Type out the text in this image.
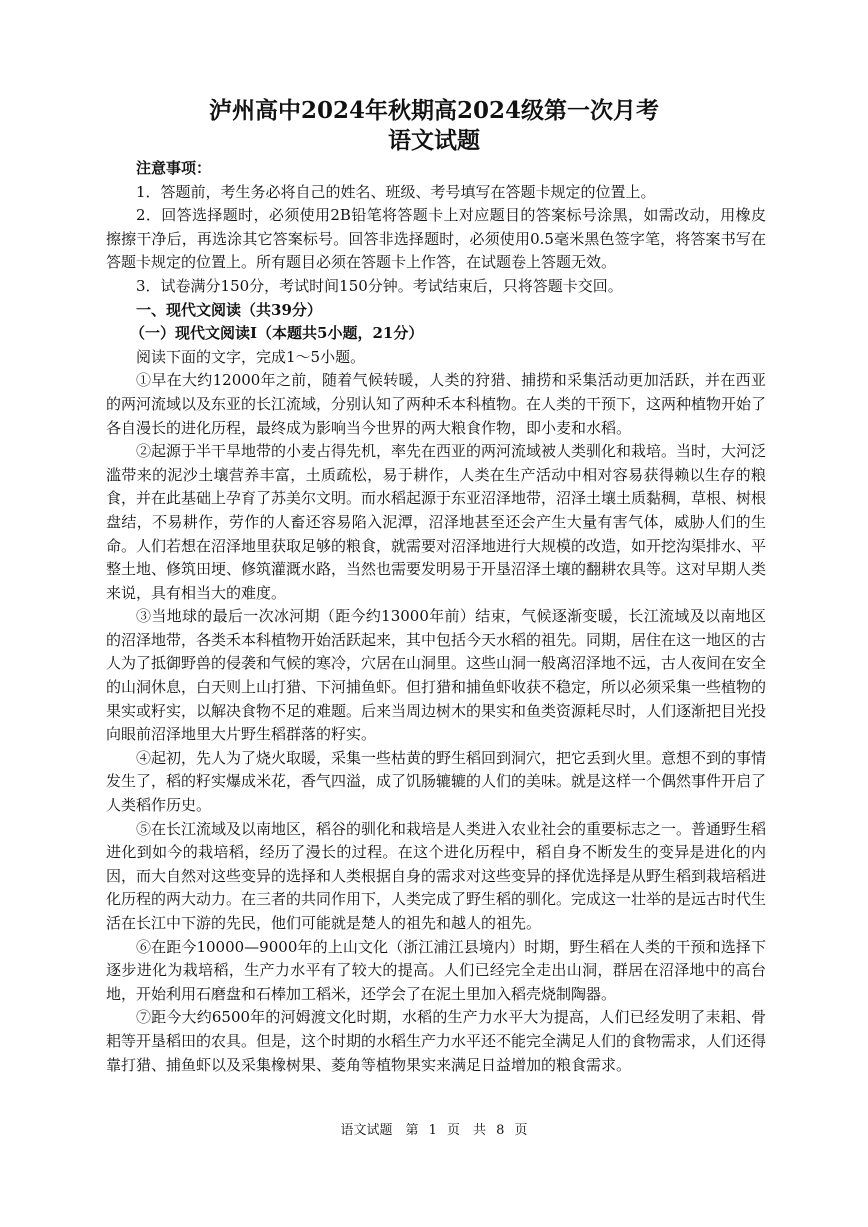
泸州高中2024年秋期高2024级第一次月考
语文试题

注意事项：

1．答题前，考生务必将自己的姓名、班级、考号填写在答题卡规定的位置上。

2．回答选择题时，必须使用2B铅笔将答题卡上对应题目的答案标号涂黑，如需改动，用橡皮擦擦干净后，再选涂其它答案标号。回答非选择题时，必须使用0.5毫米黑色签字笔，将答案书写在答题卡规定的位置上。所有题目必须在答题卡上作答，在试题卷上答题无效。

3．试卷满分150分，考试时间150分钟。考试结束后，只将答题卡交回。

一、现代文阅读（共39分）

（一）现代文阅读Ⅰ（本题共5小题，21分）

阅读下面的文字，完成1～5小题。

①早在大约12000年之前，随着气候转暖，人类的狩猎、捕捞和采集活动更加活跃，并在西亚的两河流域以及东亚的长江流域，分别认知了两种禾本科植物。在人类的干预下，这两种植物开始了各自漫长的进化历程，最终成为影响当今世界的两大粮食作物，即小麦和水稻。

②起源于半干旱地带的小麦占得先机，率先在西亚的两河流域被人类驯化和栽培。当时，大河泛滥带来的泥沙土壤营养丰富，土质疏松，易于耕作，人类在生产活动中相对容易获得赖以生存的粮食，并在此基础上孕育了苏美尔文明。而水稻起源于东亚沼泽地带，沼泽土壤土质黏稠，草根、树根盘结，不易耕作，劳作的人畜还容易陷入泥潭，沼泽地甚至还会产生大量有害气体，威胁人们的生命。人们若想在沼泽地里获取足够的粮食，就需要对沼泽地进行大规模的改造，如开挖沟渠排水、平整土地、修筑田埂、修筑灌溉水路，当然也需要发明易于开垦沼泽土壤的翻耕农具等。这对早期人类来说，具有相当大的难度。

③当地球的最后一次冰河期（距今约13000年前）结束，气候逐渐变暖，长江流域及以南地区的沼泽地带，各类禾本科植物开始活跃起来，其中包括今天水稻的祖先。同期，居住在这一地区的古人为了抵御野兽的侵袭和气候的寒冷，穴居在山洞里。这些山洞一般离沼泽地不远，古人夜间在安全的山洞休息，白天则上山打猎、下河捕鱼虾。但打猎和捕鱼虾收获不稳定，所以必须采集一些植物的果实或籽实，以解决食物不足的难题。后来当周边树木的果实和鱼类资源耗尽时，人们逐渐把目光投向眼前沼泽地里大片野生稻群落的籽实。

④起初，先人为了烧火取暖，采集一些枯黄的野生稻回到洞穴，把它丢到火里。意想不到的事情发生了，稻的籽实爆成米花，香气四溢，成了饥肠辘辘的人们的美味。就是这样一个偶然事件开启了人类稻作历史。

⑤在长江流域及以南地区，稻谷的驯化和栽培是人类进入农业社会的重要标志之一。普通野生稻进化到如今的栽培稻，经历了漫长的过程。在这个进化历程中，稻自身不断发生的变异是进化的内因，而大自然对这些变异的选择和人类根据自身的需求对这些变异的择优选择是从野生稻到栽培稻进化历程的两大动力。在三者的共同作用下，人类完成了野生稻的驯化。完成这一壮举的是远古时代生活在长江中下游的先民，他们可能就是楚人的祖先和越人的祖先。

⑥在距今10000—9000年的上山文化（浙江浦江县境内）时期，野生稻在人类的干预和选择下逐步进化为栽培稻，生产力水平有了较大的提高。人们已经完全走出山洞，群居在沼泽地中的高台地，开始利用石磨盘和石棒加工稻米，还学会了在泥土里加入稻壳烧制陶器。

⑦距今大约6500年的河姆渡文化时期，水稻的生产力水平大为提高，人们已经发明了耒耜、骨耜等开垦稻田的农具。但是，这个时期的水稻生产力水平还不能完全满足人们的食物需求，人们还得靠打猎、捕鱼虾以及采集橡树果、菱角等植物果实来满足日益增加的粮食需求。

语文试题　第 1 页　共 8 页
